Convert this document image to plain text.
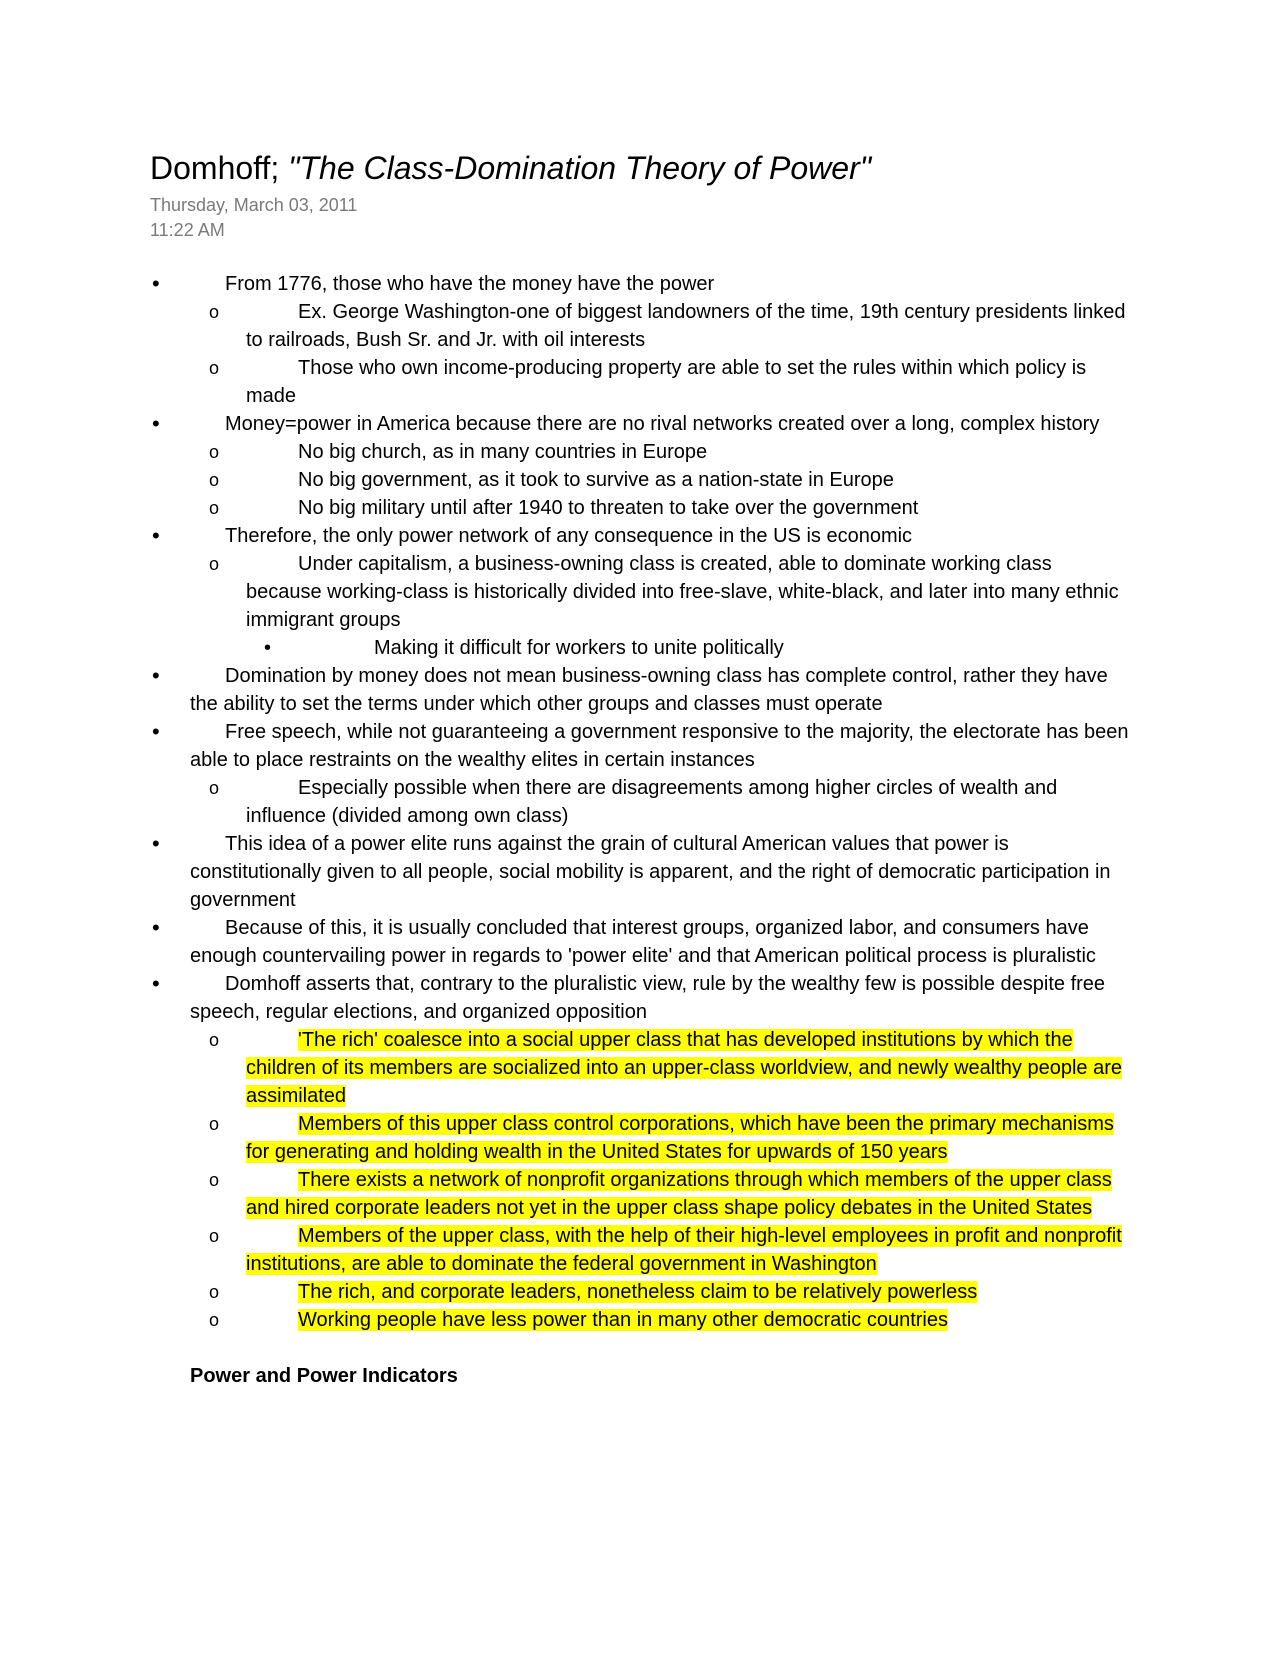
Domhoff; "The Class-Domination Theory of Power"
Thursday, March 03, 2011
11:22 AM
•	From 1776, those who have the money have the power
o	Ex. George Washington-one of biggest landowners of the time, 19th century presidents linked to railroads, Bush Sr. and Jr. with oil interests
o	Those who own income-producing property are able to set the rules within which policy is made
•	Money=power in America because there are no rival networks created over a long, complex history
o	No big church, as in many countries in Europe
o	No big government, as it took to survive as a nation-state in Europe
o	No big military until after 1940 to threaten to take over the government
•	Therefore, the only power network of any consequence in the US is economic
o	Under capitalism, a business-owning class is created, able to dominate working class because working-class is historically divided into free-slave, white-black, and later into many ethnic immigrant groups
•	Making it difficult for workers to unite politically
•	Domination by money does not mean business-owning class has complete control, rather they have the ability to set the terms under which other groups and classes must operate
•	Free speech, while not guaranteeing a government responsive to the majority, the electorate has been able to place restraints on the wealthy elites in certain instances
o	Especially possible when there are disagreements among higher circles of wealth and influence (divided among own class)
•	This idea of a power elite runs against the grain of cultural American values that power is constitutionally given to all people, social mobility is apparent, and the right of democratic participation in government
•	Because of this, it is usually concluded that interest groups, organized labor, and consumers have enough countervailing power in regards to 'power elite' and that American political process is pluralistic
•	Domhoff asserts that, contrary to the pluralistic view, rule by the wealthy few is possible despite free speech, regular elections, and organized opposition
o	'The rich' coalesce into a social upper class that has developed institutions by which the children of its members are socialized into an upper-class worldview, and newly wealthy people are assimilated
o	Members of this upper class control corporations, which have been the primary mechanisms for generating and holding wealth in the United States for upwards of 150 years
o	There exists a network of nonprofit organizations through which members of the upper class and hired corporate leaders not yet in the upper class shape policy debates in the United States
o	Members of the upper class, with the help of their high-level employees in profit and nonprofit institutions, are able to dominate the federal government in Washington
o	The rich, and corporate leaders, nonetheless claim to be relatively powerless
o	Working people have less power than in many other democratic countries
Power and Power Indicators
